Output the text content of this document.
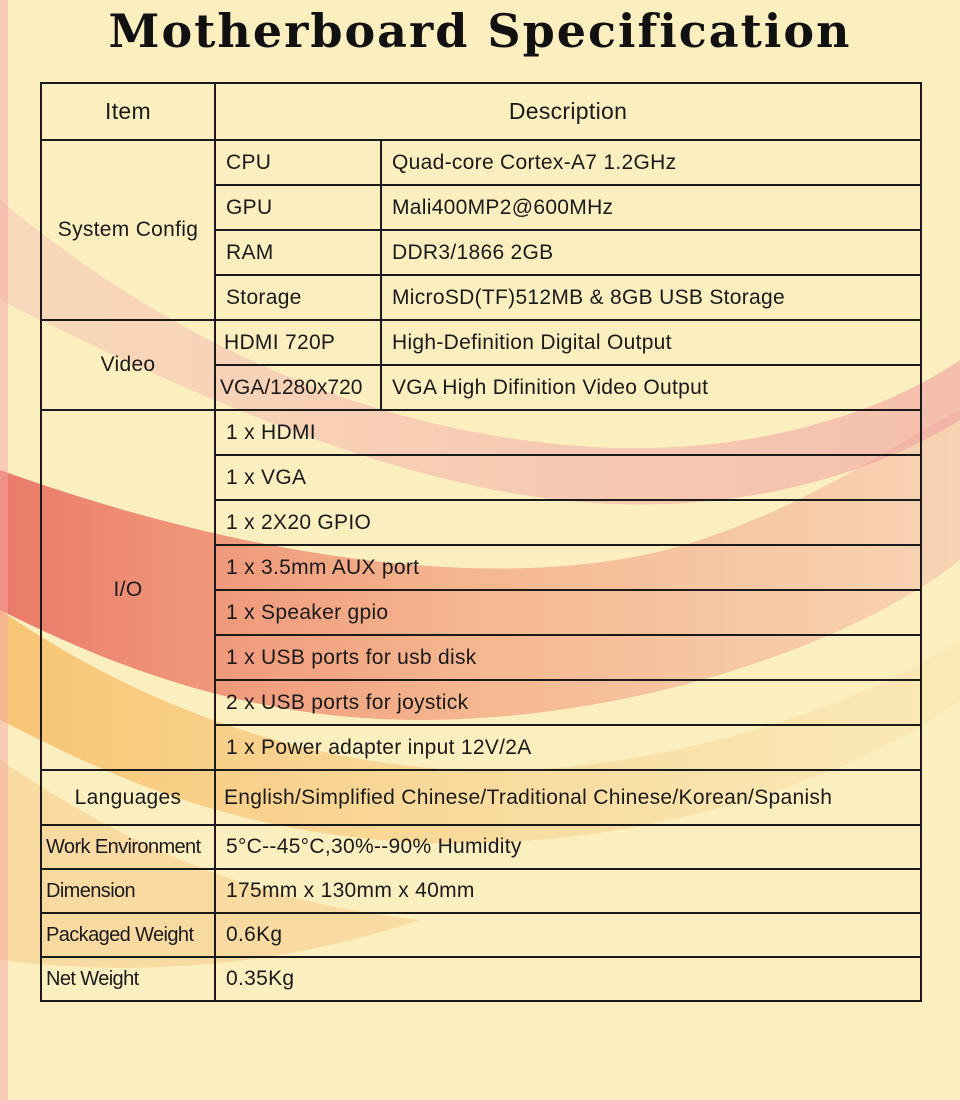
Motherboard Specification
Item	Description	
System Config	CPU	Quad-core Cortex-A7 1.2GHz
	GPU	Mali400MP2@600MHz
	RAM	DDR3/1866 2GB
	Storage	MicroSD(TF)512MB & 8GB USB Storage
Video	HDMI 720P	High-Definition Digital Output
	VGA/1280x720	VGA High Difinition Video Output
I/O	1 x HDMI	
	1 x VGA	
	1 x 2X20 GPIO	
	1 x 3.5mm AUX port	
	1 x Speaker gpio	
	1 x USB ports for usb disk	
	2 x USB ports for joystick	
	1 x Power adapter input 12V/2A	
Languages	English/Simplified Chinese/Traditional Chinese/Korean/Spanish	
Work Environment	5°C--45°C,30%--90% Humidity	
Dimension	175mm x 130mm x 40mm	
Packaged Weight	0.6Kg	
Net Weight	0.35Kg	
